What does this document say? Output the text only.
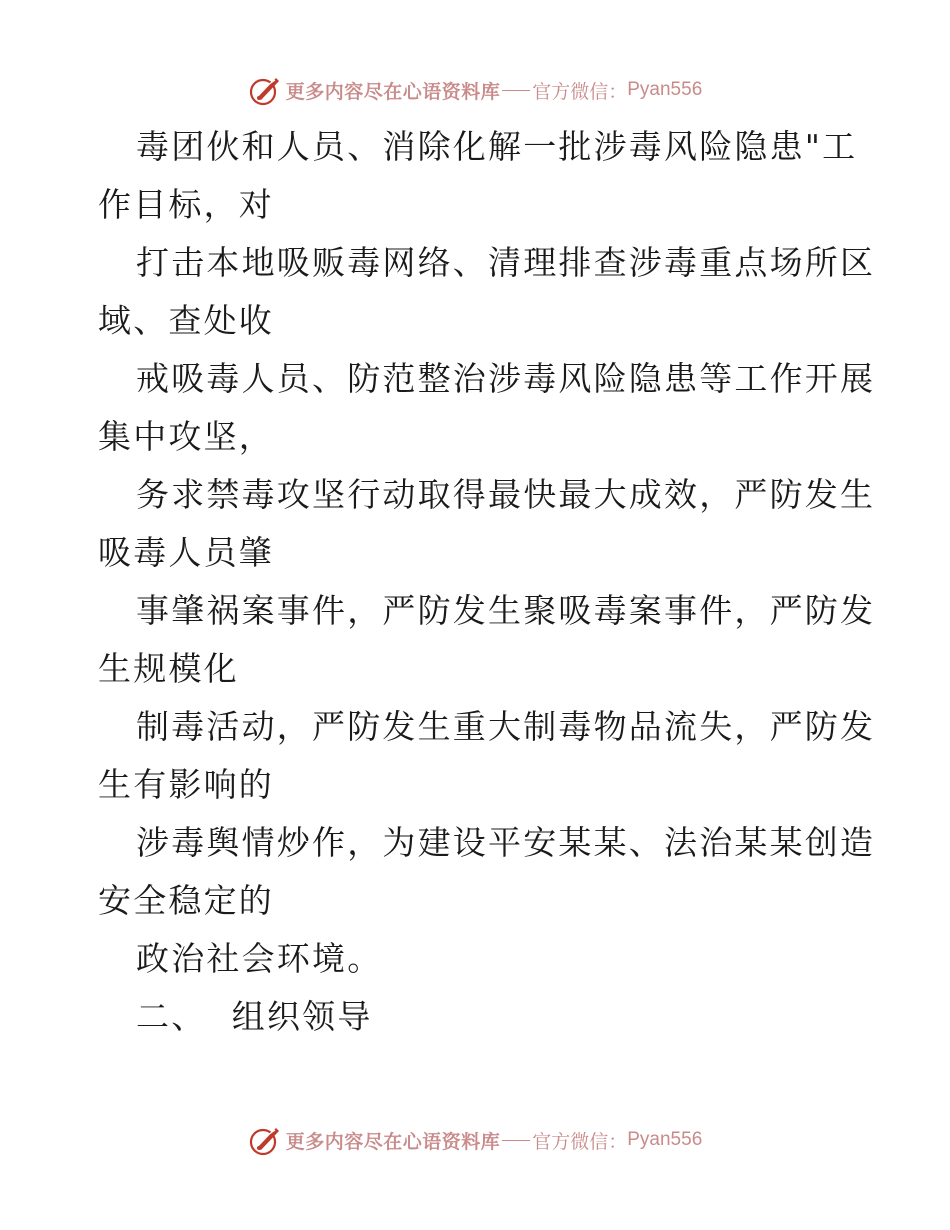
更多内容尽在心语资料库 官方微信： Pyan556
毒团伙和人员、消除化解一批涉毒风险隐患"工
作目标，对
打击本地吸贩毒网络、清理排查涉毒重点场所区
域、查处收
戒吸毒人员、防范整治涉毒风险隐患等工作开展
集中攻坚，
务求禁毒攻坚行动取得最快最大成效，严防发生
吸毒人员肇
事肇祸案事件，严防发生聚吸毒案事件，严防发
生规模化
制毒活动，严防发生重大制毒物品流失，严防发
生有影响的
涉毒舆情炒作，为建设平安某某、法治某某创造
安全稳定的
政治社会环境。
二、  组织领导
更多内容尽在心语资料库 官方微信： Pyan556
